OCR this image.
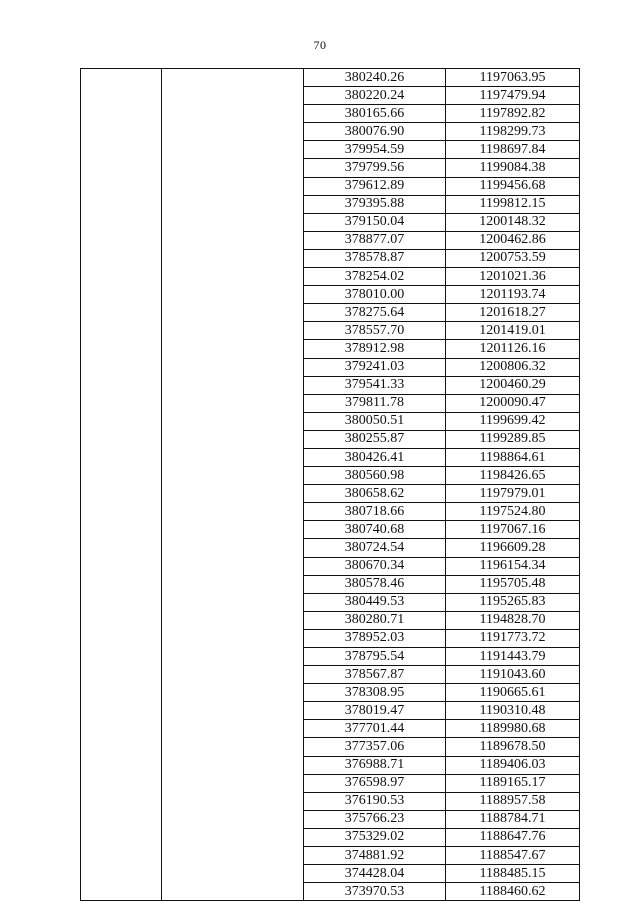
70
		380240.26	1197063.95
		380220.24	1197479.94
		380165.66	1197892.82
		380076.90	1198299.73
		379954.59	1198697.84
		379799.56	1199084.38
		379612.89	1199456.68
		379395.88	1199812.15
		379150.04	1200148.32
		378877.07	1200462.86
		378578.87	1200753.59
		378254.02	1201021.36
		378010.00	1201193.74
		378275.64	1201618.27
		378557.70	1201419.01
		378912.98	1201126.16
		379241.03	1200806.32
		379541.33	1200460.29
		379811.78	1200090.47
		380050.51	1199699.42
		380255.87	1199289.85
		380426.41	1198864.61
		380560.98	1198426.65
		380658.62	1197979.01
		380718.66	1197524.80
		380740.68	1197067.16
		380724.54	1196609.28
		380670.34	1196154.34
		380578.46	1195705.48
		380449.53	1195265.83
		380280.71	1194828.70
		378952.03	1191773.72
		378795.54	1191443.79
		378567.87	1191043.60
		378308.95	1190665.61
		378019.47	1190310.48
		377701.44	1189980.68
		377357.06	1189678.50
		376988.71	1189406.03
		376598.97	1189165.17
		376190.53	1188957.58
		375766.23	1188784.71
		375329.02	1188647.76
		374881.92	1188547.67
		374428.04	1188485.15
		373970.53	1188460.62
